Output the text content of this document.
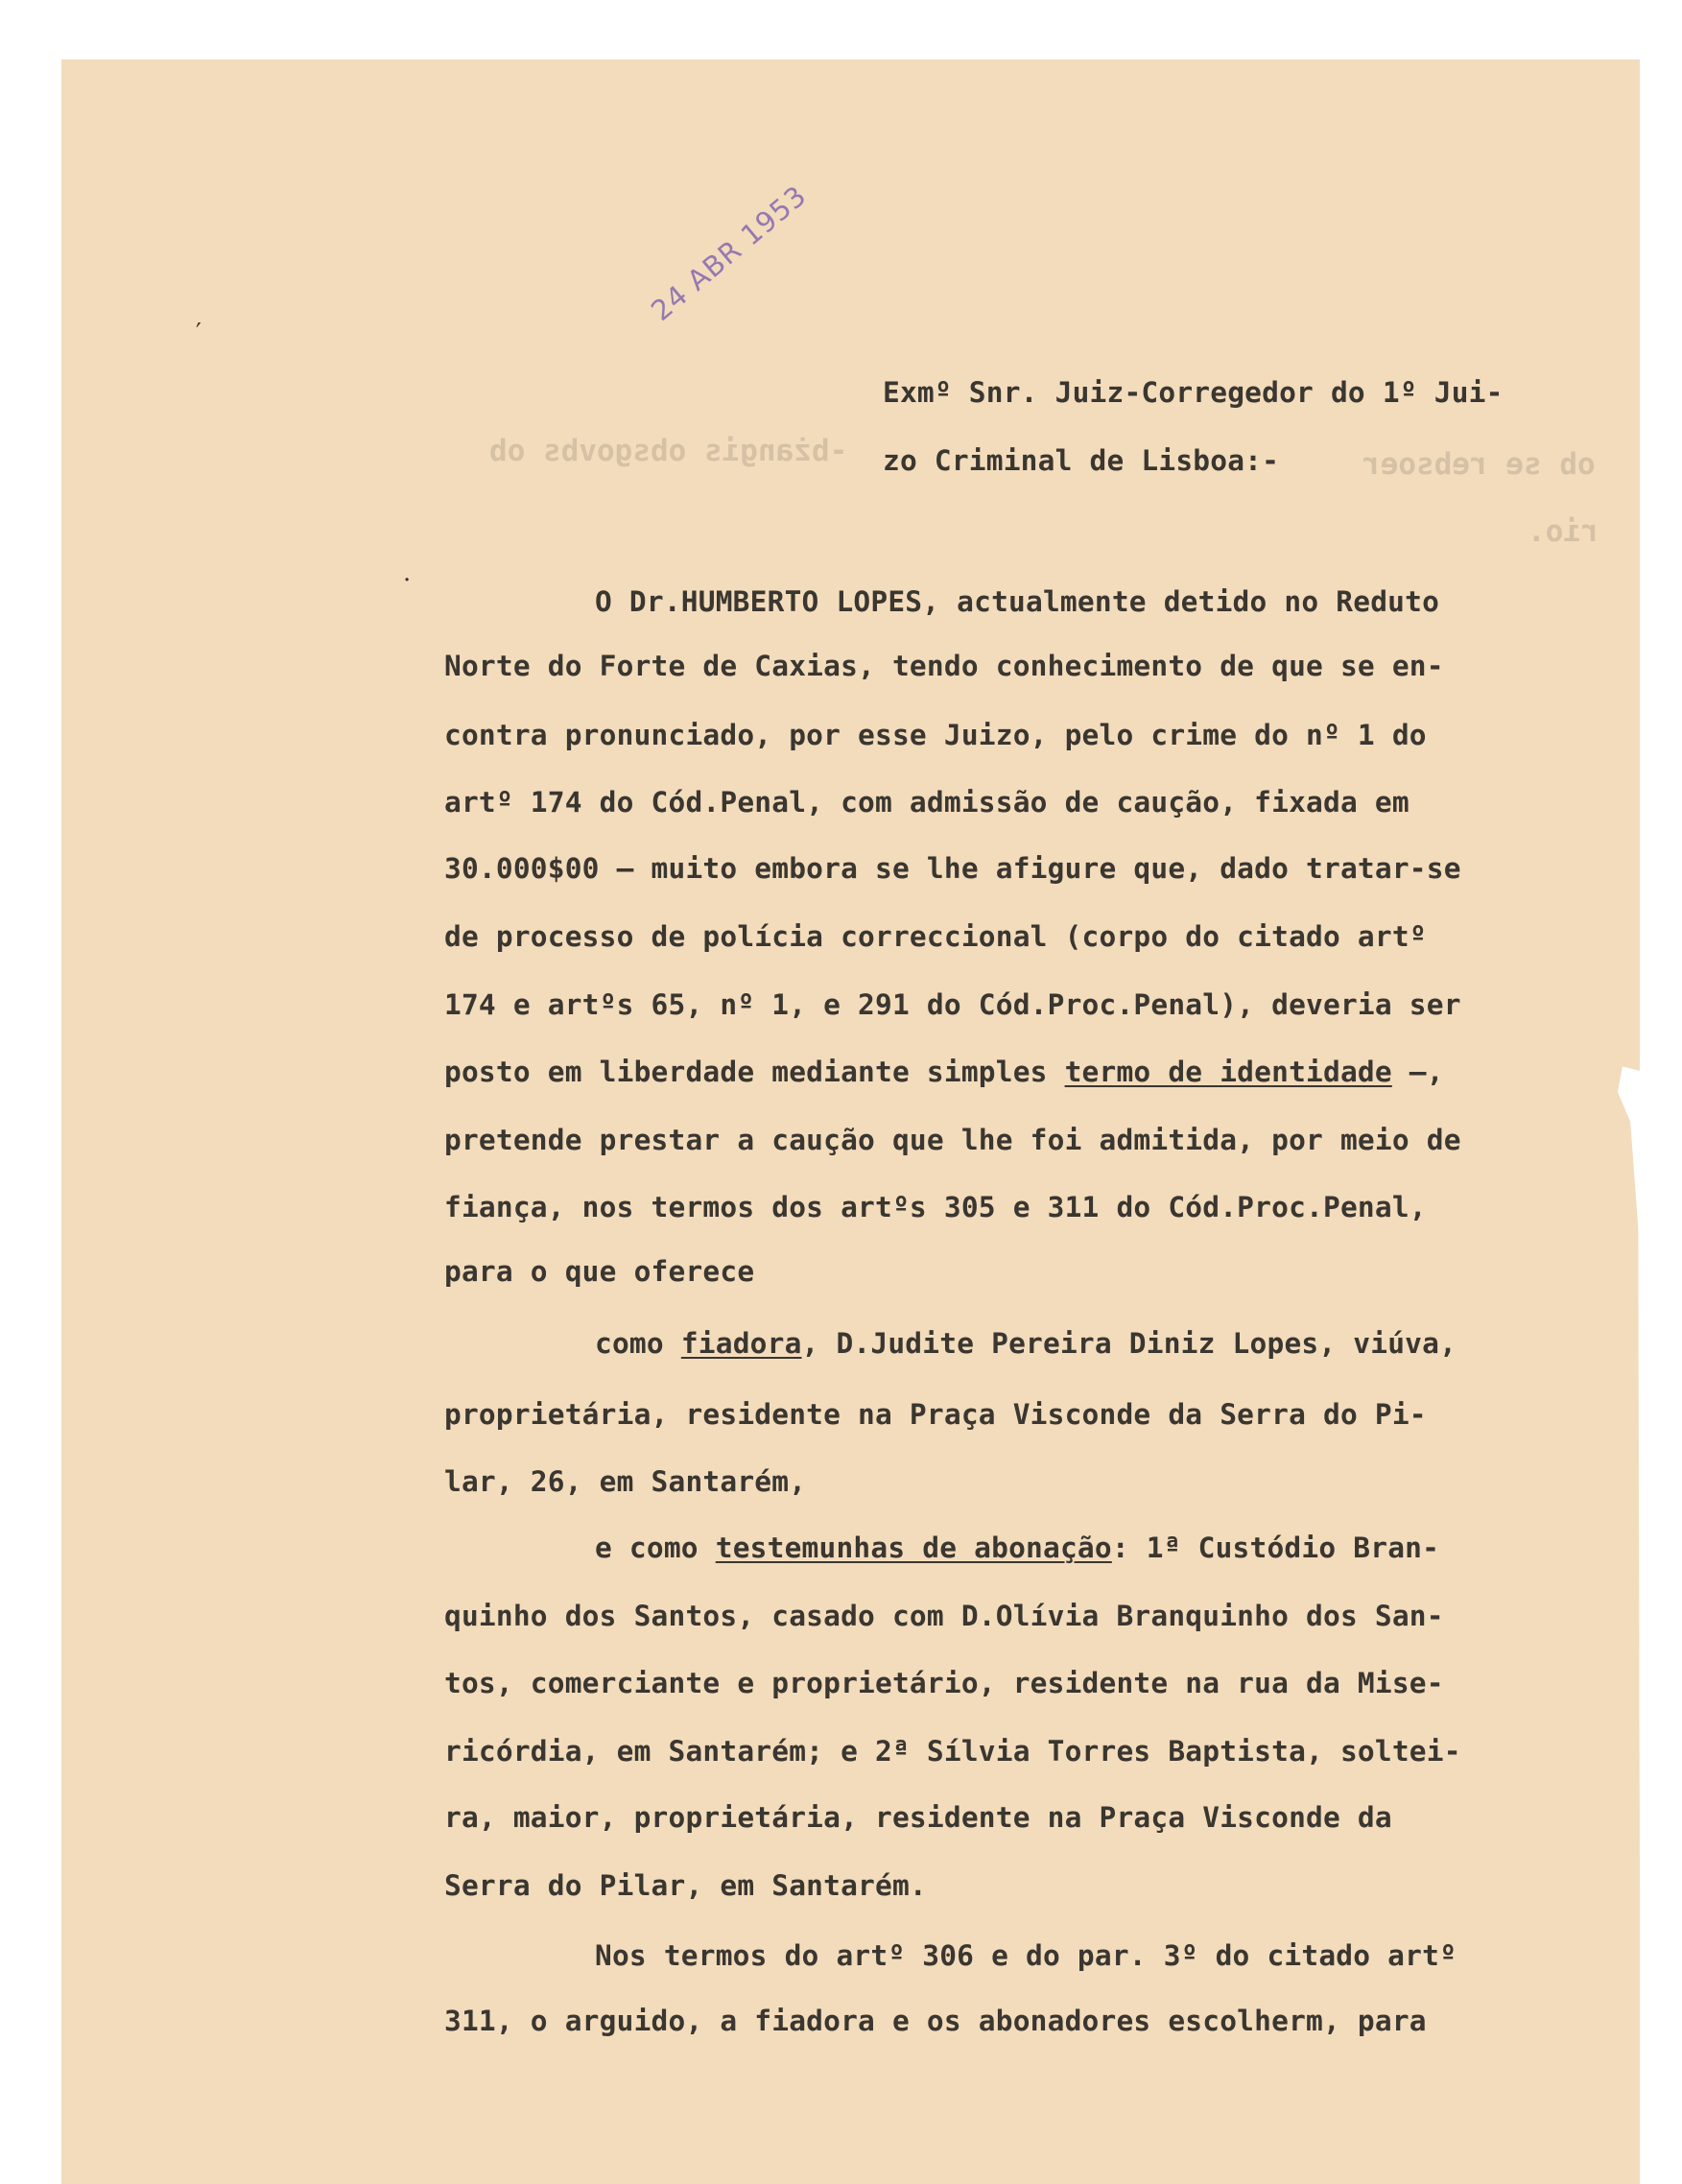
24 ABR 1953
′
·
-bżangis obsgovbs ob	ob se rebsoer
rio.
Exmº Snr. Juiz-Corregedor do 1º Jui-
zo Criminal de Lisboa:-
O Dr.HUMBERTO LOPES, actualmente detido no Reduto
Norte do Forte de Caxias, tendo conhecimento de que se en-
contra pronunciado, por esse Juizo, pelo crime do nº 1 do
artº 174 do Cód.Penal, com admissão de caução, fixada em
30.000$00 — muito embora se lhe afigure que, dado tratar-se
de processo de polícia correccional (corpo do citado artº
174 e artºs 65, nº 1, e 291 do Cód.Proc.Penal), deveria ser
posto em liberdade mediante simples termo de identidade —,
pretende prestar a caução que lhe foi admitida, por meio de
fiança, nos termos dos artºs 305 e 311 do Cód.Proc.Penal,
para o que oferece
como fiadora, D.Judite Pereira Diniz Lopes, viúva,
proprietária, residente na Praça Visconde da Serra do Pi-
lar, 26, em Santarém,
e como testemunhas de abonação: 1ª Custódio Bran-
quinho dos Santos, casado com D.Olívia Branquinho dos San-
tos, comerciante e proprietário, residente na rua da Mise-
ricórdia, em Santarém; e 2ª Sílvia Torres Baptista, soltei-
ra, maior, proprietária, residente na Praça Visconde da
Serra do Pilar, em Santarém.
Nos termos do artº 306 e do par. 3º do citado artº
311, o arguido, a fiadora e os abonadores escolherm, para
